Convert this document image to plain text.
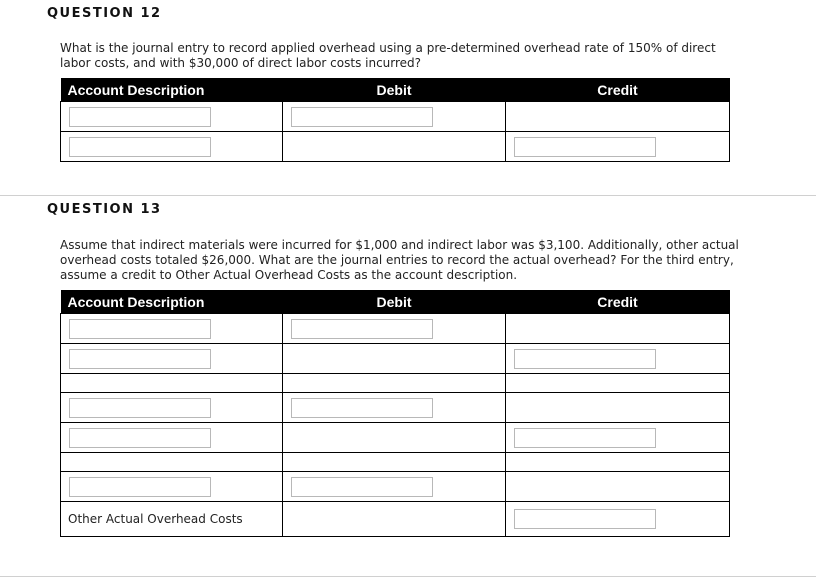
QUESTION 12
What is the journal entry to record applied overhead using a pre-determined overhead rate of 150% of direct
labor costs, and with $30,000 of direct labor costs incurred?
Account Description	Debit	Credit

QUESTION 13
Assume that indirect materials were incurred for $1,000 and indirect labor was $3,100. Additionally, other actual
overhead costs totaled $26,000. What are the journal entries to record the actual overhead? For the third entry,
assume a credit to Other Actual Overhead Costs as the account description.
Account Description	Debit	Credit

Other Actual Overhead Costs		
